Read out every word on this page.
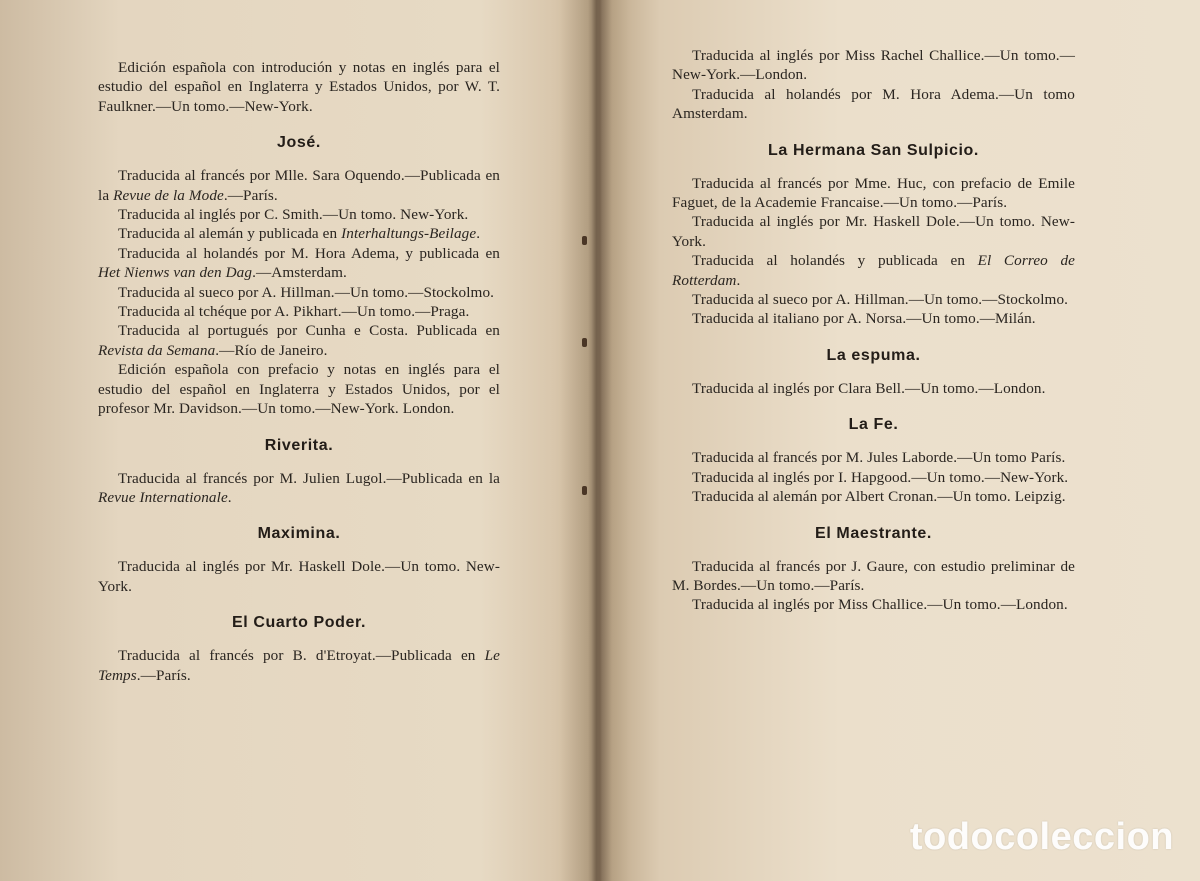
Edición española con introdución y notas en inglés para el estudio del español en Inglaterra y Estados Unidos, por W. T. Faulkner.—Un tomo.—New-York.

José.

Traducida al francés por Mlle. Sara Oquendo.—Publicada en la Revue de la Mode.—París.

Traducida al inglés por C. Smith.—Un tomo. New-York.

Traducida al alemán y publicada en Interhaltungs-Beilage.

Traducida al holandés por M. Hora Adema, y publicada en Het Nienws van den Dag.—Amsterdam.

Traducida al sueco por A. Hillman.—Un tomo.—Stockolmo.

Traducida al tchéque por A. Pikhart.—Un tomo.—Praga.

Traducida al portugués por Cunha e Costa. Publicada en Revista da Semana.—Río de Janeiro.

Edición española con prefacio y notas en inglés para el estudio del español en Inglaterra y Estados Unidos, por el profesor Mr. Davidson.—Un tomo.—New-York. London.

Riverita.

Traducida al francés por M. Julien Lugol.—Publicada en la Revue Internationale.

Maximina.

Traducida al inglés por Mr. Haskell Dole.—Un tomo. New-York.

El Cuarto Poder.

Traducida al francés por B. d'Etroyat.—Publicada en Le Temps.—París.

Traducida al inglés por Miss Rachel Challice.—Un tomo.—New-York.—London.

Traducida al holandés por M. Hora Adema.—Un tomo Amsterdam.

La Hermana San Sulpicio.

Traducida al francés por Mme. Huc, con prefacio de Emile Faguet, de la Academie Francaise.—Un tomo.—París.

Traducida al inglés por Mr. Haskell Dole.—Un tomo. New-York.

Traducida al holandés y publicada en El Correo de Rotterdam.

Traducida al sueco por A. Hillman.—Un tomo.—Stockolmo.

Traducida al italiano por A. Norsa.—Un tomo.—Milán.

La espuma.

Traducida al inglés por Clara Bell.—Un tomo.—London.

La Fe.

Traducida al francés por M. Jules Laborde.—Un tomo París.

Traducida al inglés por I. Hapgood.—Un tomo.—New-York.

Traducida al alemán por Albert Cronan.—Un tomo. Leipzig.

El Maestrante.

Traducida al francés por J. Gaure, con estudio preliminar de M. Bordes.—Un tomo.—París.

Traducida al inglés por Miss Challice.—Un tomo.—London.

todocoleccion
